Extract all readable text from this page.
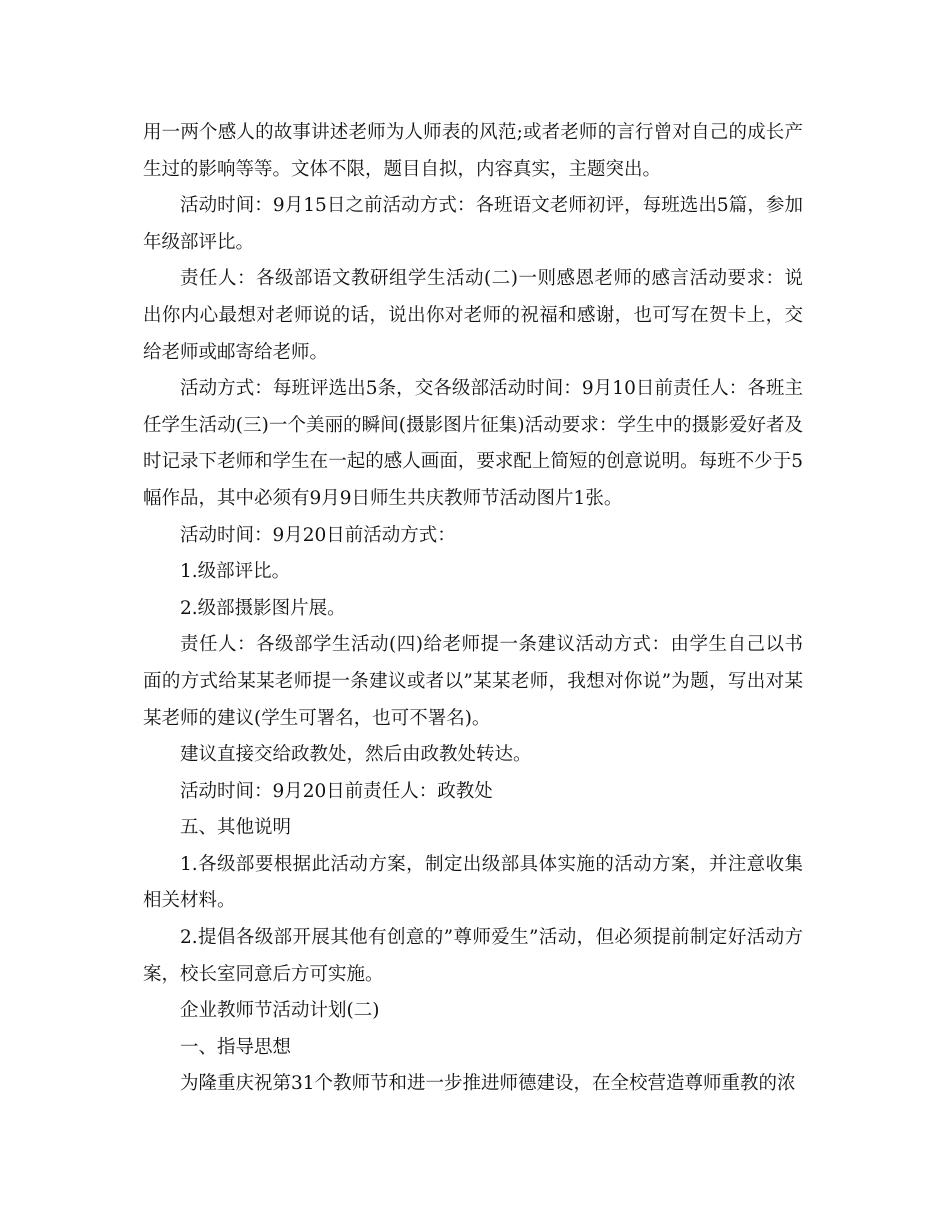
用一两个感人的故事讲述老师为人师表的风范;或者老师的言行曾对自己的成长产生过的影响等等。文体不限，题目自拟，内容真实，主题突出。

活动时间：9月15日之前活动方式：各班语文老师初评，每班选出5篇，参加年级部评比。

责任人：各级部语文教研组学生活动(二)一则感恩老师的感言活动要求：说出你内心最想对老师说的话，说出你对老师的祝福和感谢，也可写在贺卡上，交给老师或邮寄给老师。

活动方式：每班评选出5条，交各级部活动时间：9月10日前责任人：各班主任学生活动(三)一个美丽的瞬间(摄影图片征集)活动要求：学生中的摄影爱好者及时记录下老师和学生在一起的感人画面，要求配上简短的创意说明。每班不少于5幅作品，其中必须有9月9日师生共庆教师节活动图片1张。

活动时间：9月20日前活动方式：

1.级部评比。

2.级部摄影图片展。

责任人：各级部学生活动(四)给老师提一条建议活动方式：由学生自己以书面的方式给某某老师提一条建议或者以”某某老师，我想对你说”为题，写出对某某老师的建议(学生可署名，也可不署名)。

建议直接交给政教处，然后由政教处转达。

活动时间：9月20日前责任人：政教处

五、其他说明

1.各级部要根据此活动方案，制定出级部具体实施的活动方案，并注意收集相关材料。

2.提倡各级部开展其他有创意的”尊师爱生”活动，但必须提前制定好活动方案，校长室同意后方可实施。

企业教师节活动计划(二)

一、指导思想

为隆重庆祝第31个教师节和进一步推进师德建设，在全校营造尊师重教的浓
